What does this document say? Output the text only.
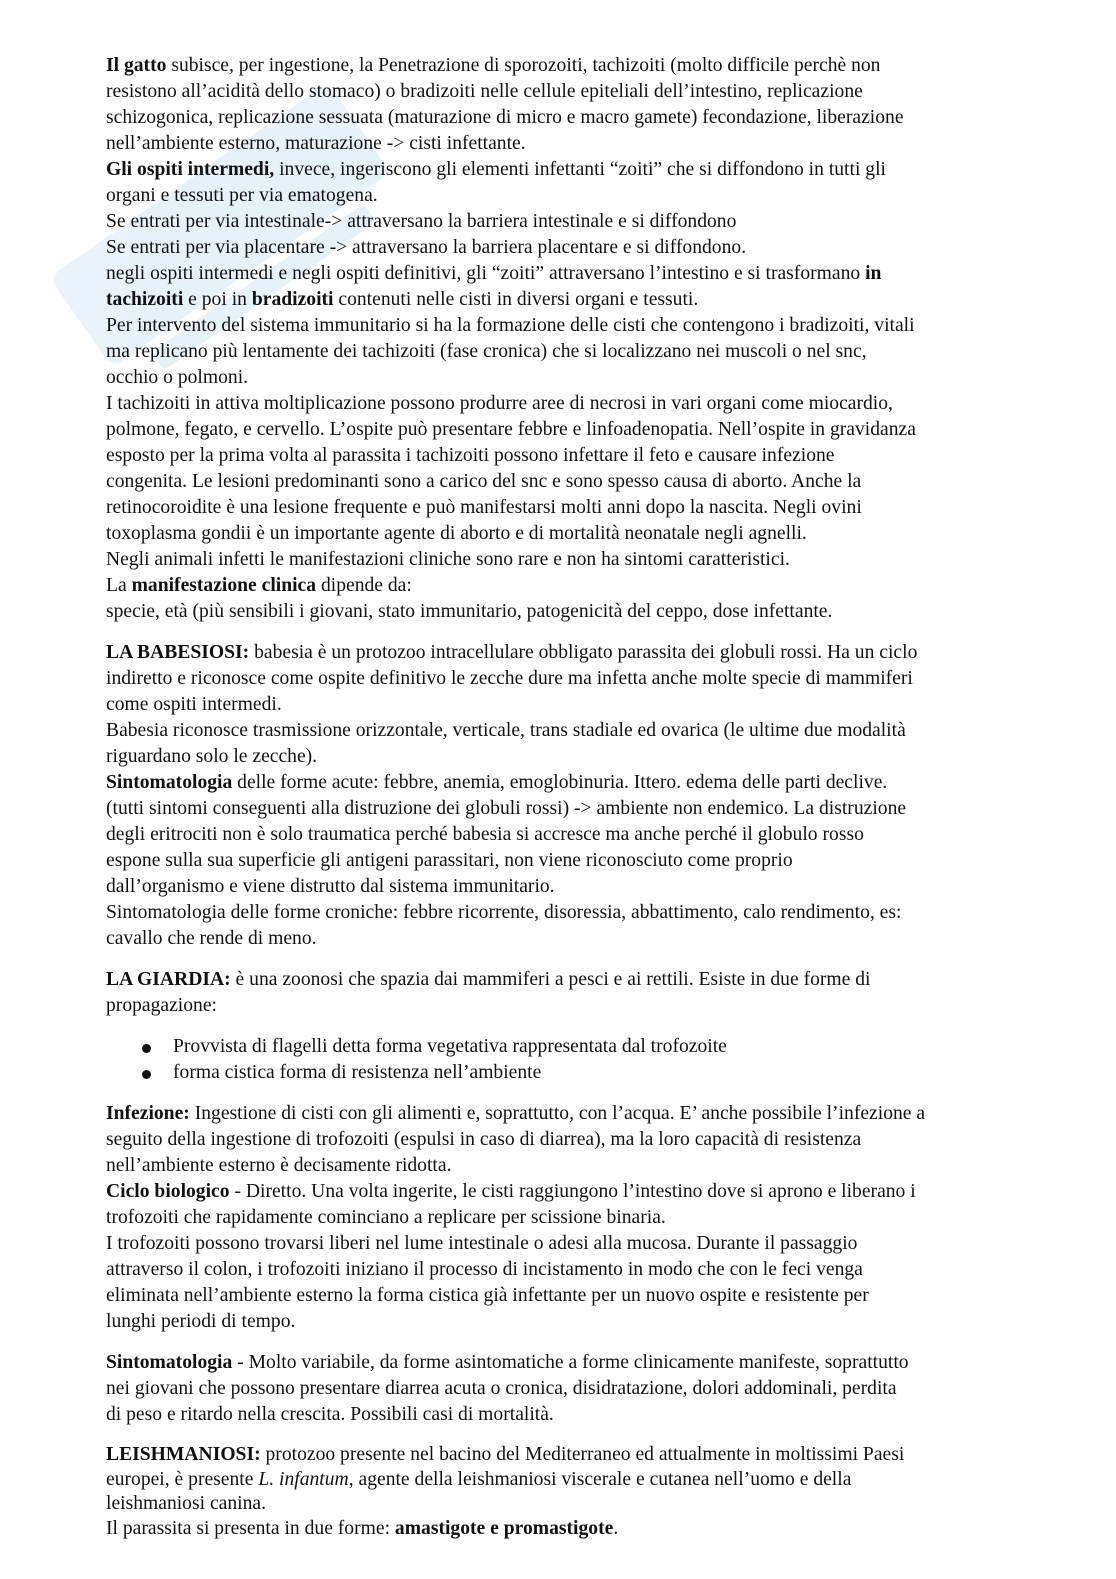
Il gatto subisce, per ingestione, la Penetrazione di sporozoiti, tachizoiti (molto difficile perchè non
resistono all’acidità dello stomaco) o bradizoiti nelle cellule epiteliali dell’intestino, replicazione
schizogonica, replicazione sessuata (maturazione di micro e macro gamete) fecondazione, liberazione
nell’ambiente esterno, maturazione -> cisti infettante.
Gli ospiti intermedi, invece, ingeriscono gli elementi infettanti “zoiti” che si diffondono in tutti gli
organi e tessuti per via ematogena.
Se entrati per via intestinale-> attraversano la barriera intestinale e si diffondono
Se entrati per via placentare -> attraversano la barriera placentare e si diffondono.
negli ospiti intermedi e negli ospiti definitivi, gli “zoiti” attraversano l’intestino e si trasformano in
tachizoiti e poi in bradizoiti contenuti nelle cisti in diversi organi e tessuti.
Per intervento del sistema immunitario si ha la formazione delle cisti che contengono i bradizoiti, vitali
ma replicano più lentamente dei tachizoiti (fase cronica) che si localizzano nei muscoli o nel snc,
occhio o polmoni.
I tachizoiti in attiva moltiplicazione possono produrre aree di necrosi in vari organi come miocardio,
polmone, fegato, e cervello. L’ospite può presentare febbre e linfoadenopatia. Nell’ospite in gravidanza
esposto per la prima volta al parassita i tachizoiti possono infettare il feto e causare infezione
congenita. Le lesioni predominanti sono a carico del snc e sono spesso causa di aborto. Anche la
retinocoroidite è una lesione frequente e può manifestarsi molti anni dopo la nascita. Negli ovini
toxoplasma gondii è un importante agente di aborto e di mortalità neonatale negli agnelli.
Negli animali infetti le manifestazioni cliniche sono rare e non ha sintomi caratteristici.
La manifestazione clinica dipende da:
specie, età (più sensibili i giovani, stato immunitario, patogenicità del ceppo, dose infettante.
LA BABESIOSI: babesia è un protozoo intracellulare obbligato parassita dei globuli rossi. Ha un ciclo
indiretto e riconosce come ospite definitivo le zecche dure ma infetta anche molte specie di mammiferi
come ospiti intermedi.
Babesia riconosce trasmissione orizzontale, verticale, trans stadiale ed ovarica (le ultime due modalità
riguardano solo le zecche).
Sintomatologia delle forme acute: febbre, anemia, emoglobinuria. Ittero. edema delle parti declive.
(tutti sintomi conseguenti alla distruzione dei globuli rossi) -> ambiente non endemico. La distruzione
degli eritrociti non è solo traumatica perché babesia si accresce ma anche perché il globulo rosso
espone sulla sua superficie gli antigeni parassitari, non viene riconosciuto come proprio
dall’organismo e viene distrutto dal sistema immunitario.
Sintomatologia delle forme croniche: febbre ricorrente, disoressia, abbattimento, calo rendimento, es:
cavallo che rende di meno.
LA GIARDIA: è una zoonosi che spazia dai mammiferi a pesci e ai rettili. Esiste in due forme di
propagazione:
Provvista di flagelli detta forma vegetativa rappresentata dal trofozoite
forma cistica forma di resistenza nell’ambiente
Infezione: Ingestione di cisti con gli alimenti e, soprattutto, con l’acqua. E’ anche possibile l’infezione a
seguito della ingestione di trofozoiti (espulsi in caso di diarrea), ma la loro capacità di resistenza
nell’ambiente esterno è decisamente ridotta.
Ciclo biologico - Diretto. Una volta ingerite, le cisti raggiungono l’intestino dove si aprono e liberano i
trofozoiti che rapidamente cominciano a replicare per scissione binaria.
I trofozoiti possono trovarsi liberi nel lume intestinale o adesi alla mucosa. Durante il passaggio
attraverso il colon, i trofozoiti iniziano il processo di incistamento in modo che con le feci venga
eliminata nell’ambiente esterno la forma cistica già infettante per un nuovo ospite e resistente per
lunghi periodi di tempo.
Sintomatologia - Molto variabile, da forme asintomatiche a forme clinicamente manifeste, soprattutto
nei giovani che possono presentare diarrea acuta o cronica, disidratazione, dolori addominali, perdita
di peso e ritardo nella crescita. Possibili casi di mortalità.
LEISHMANIOSI: protozoo presente nel bacino del Mediterraneo ed attualmente in moltissimi Paesi
europei, è presente L. infantum, agente della leishmaniosi viscerale e cutanea nell’uomo e della
leishmaniosi canina.
Il parassita si presenta in due forme: amastigote e promastigote.
